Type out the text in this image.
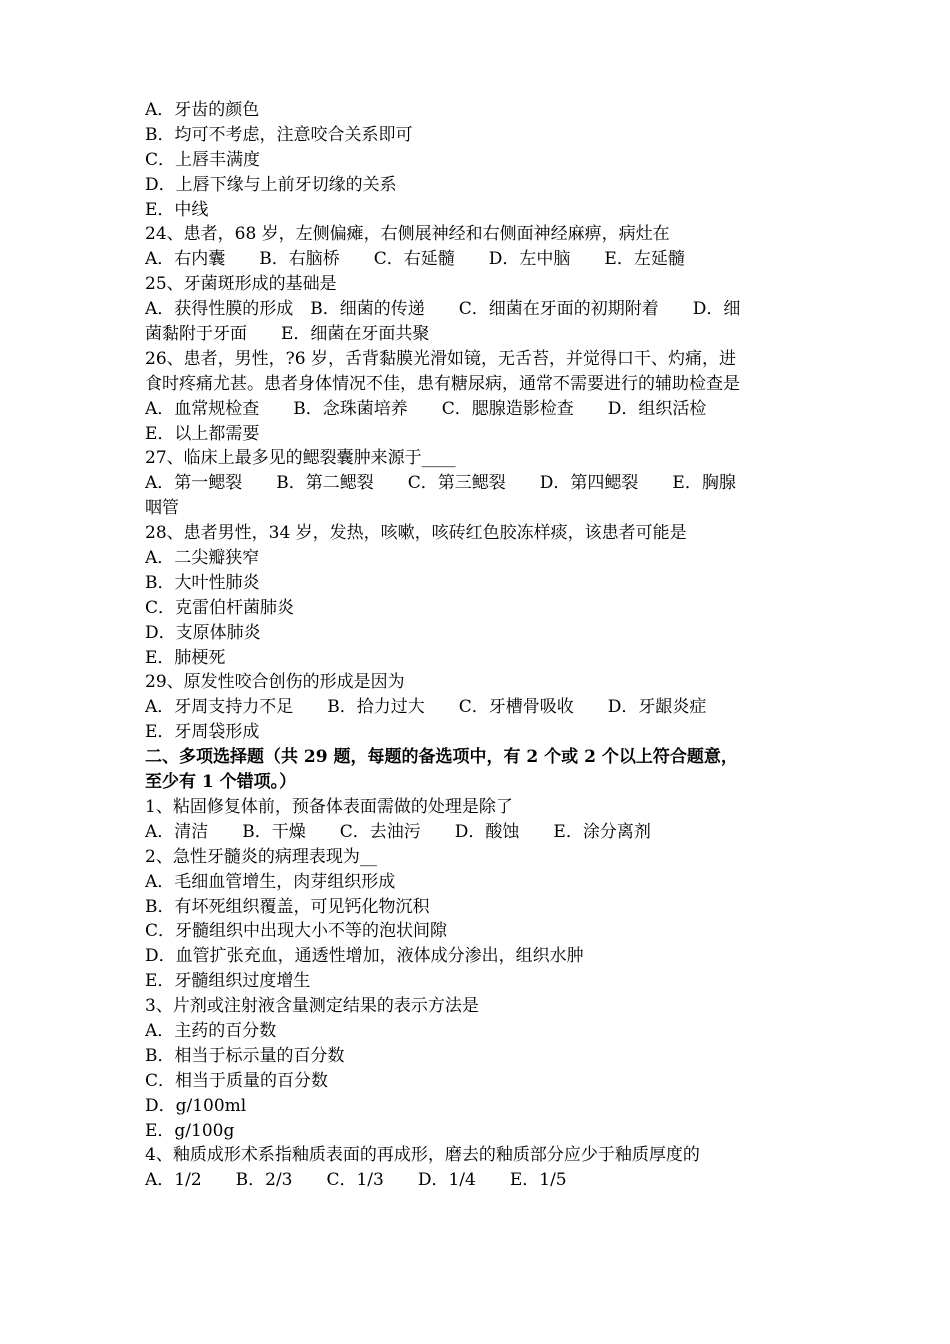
A．牙齿的颜色
B．均可不考虑，注意咬合关系即可
C．上唇丰满度
D．上唇下缘与上前牙切缘的关系
E．中线
24、患者，68 岁，左侧偏瘫，右侧展神经和右侧面神经麻痹，病灶在
A．右内囊　　B．右脑桥　　C．右延髓　　D．左中脑　　E．左延髓
25、牙菌斑形成的基础是
A．获得性膜的形成　B．细菌的传递　　C．细菌在牙面的初期附着　　D．细
菌黏附于牙面　　E．细菌在牙面共聚
26、患者，男性，?6 岁，舌背黏膜光滑如镜，无舌苔，并觉得口干、灼痛，进
食时疼痛尤甚。患者身体情况不佳，患有糖尿病，通常不需要进行的辅助检查是
A．血常规检查　　B．念珠菌培养　　C．腮腺造影检查　　D．组织活检
E．以上都需要
27、临床上最多见的鳃裂囊肿来源于____
A．第一鳃裂　　B．第二鳃裂　　C．第三鳃裂　　D．第四鳃裂　　E．胸腺
咽管
28、患者男性，34 岁，发热，咳嗽，咳砖红色胶冻样痰，该患者可能是
A．二尖瓣狭窄
B．大叶性肺炎
C．克雷伯杆菌肺炎
D．支原体肺炎
E．肺梗死
29、原发性咬合创伤的形成是因为
A．牙周支持力不足　　B．拾力过大　　C．牙槽骨吸收　　D．牙龈炎症
E．牙周袋形成
二、多项选择题（共 29 题，每题的备选项中，有 2 个或 2 个以上符合题意，
至少有 1 个错项。）
1、粘固修复体前，预备体表面需做的处理是除了
A．清洁　　B．干燥　　C．去油污　　D．酸蚀　　E．涂分离剂
2、急性牙髓炎的病理表现为__
A．毛细血管增生，肉芽组织形成
B．有坏死组织覆盖，可见钙化物沉积
C．牙髓组织中出现大小不等的泡状间隙
D．血管扩张充血，通透性增加，液体成分渗出，组织水肿
E．牙髓组织过度增生
3、片剂或注射液含量测定结果的表示方法是
A．主药的百分数
B．相当于标示量的百分数
C．相当于质量的百分数
D．g/100ml
E．g/100g
4、釉质成形术系指釉质表面的再成形，磨去的釉质部分应少于釉质厚度的
A．1/2　　B．2/3　　C．1/3　　D．1/4　　E．1/5
